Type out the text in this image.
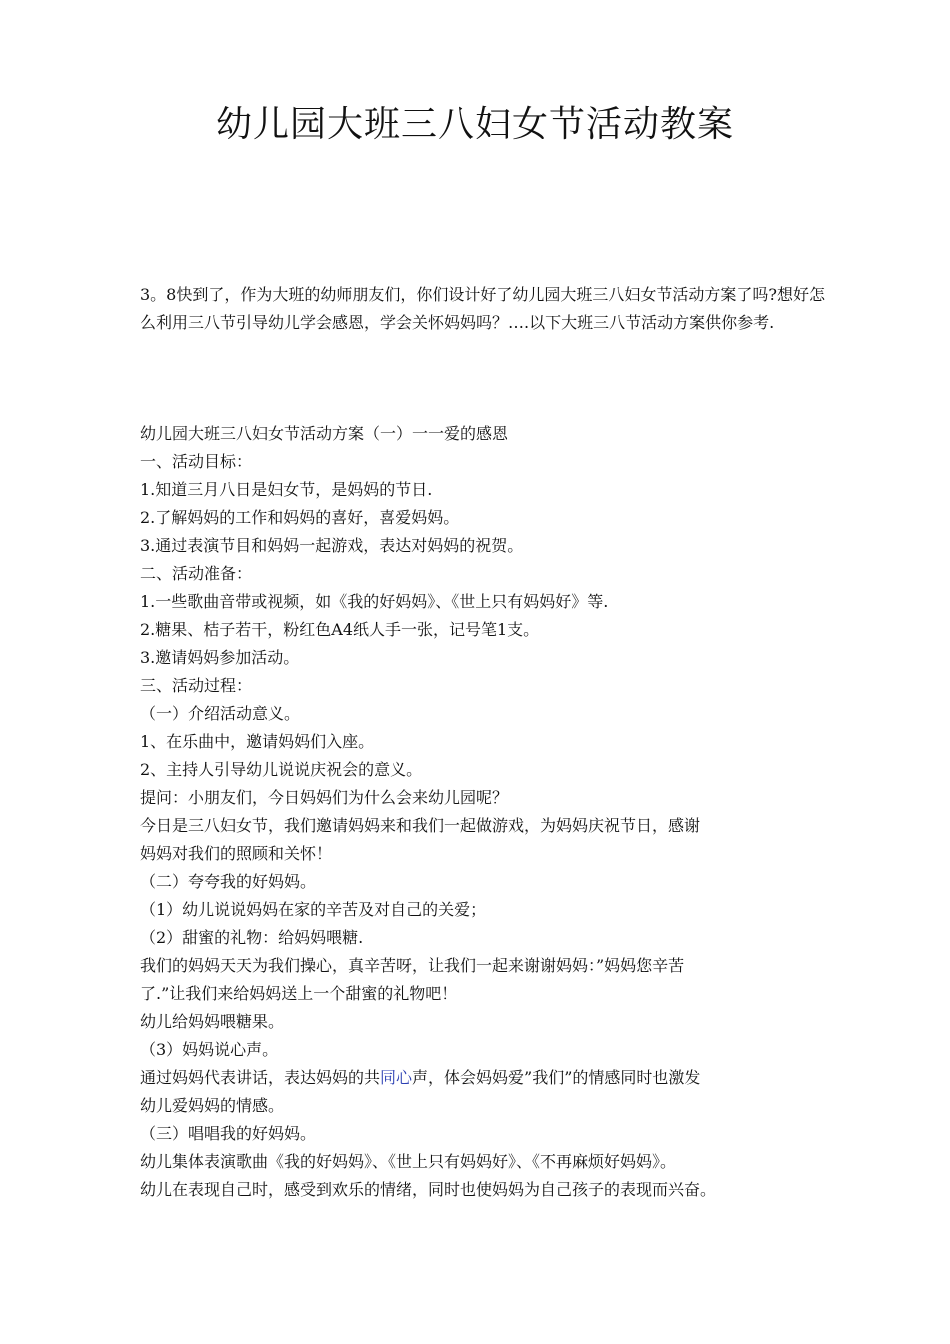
幼儿园大班三八妇女节活动教案

3。8快到了，作为大班的幼师朋友们，你们设计好了幼儿园大班三八妇女节活动方案了吗?想好怎么利用三八节引导幼儿学会感恩，学会关怀妈妈吗？….以下大班三八节活动方案供你参考.

幼儿园大班三八妇女节活动方案（一）一一爱的感恩
一、活动目标：
1.知道三月八日是妇女节，是妈妈的节日.
2.了解妈妈的工作和妈妈的喜好，喜爱妈妈。
3.通过表演节目和妈妈一起游戏，表达对妈妈的祝贺。
二、活动准备：
1.一些歌曲音带或视频，如《我的好妈妈》、《世上只有妈妈好》等.
2.糖果、桔子若干，粉红色A4纸人手一张，记号笔1支。
3.邀请妈妈参加活动。
三、活动过程：
（一）介绍活动意义。
1、在乐曲中，邀请妈妈们入座。
2、主持人引导幼儿说说庆祝会的意义。
提问：小朋友们，今日妈妈们为什么会来幼儿园呢？
今日是三八妇女节，我们邀请妈妈来和我们一起做游戏，为妈妈庆祝节日，感谢
妈妈对我们的照顾和关怀！
（二）夸夸我的好妈妈。
（1）幼儿说说妈妈在家的辛苦及对自己的关爱；
（2）甜蜜的礼物：给妈妈喂糖.
我们的妈妈天天为我们操心，真辛苦呀，让我们一起来谢谢妈妈：”妈妈您辛苦
了.”让我们来给妈妈送上一个甜蜜的礼物吧！
幼儿给妈妈喂糖果。
（3）妈妈说心声。
通过妈妈代表讲话，表达妈妈的共同心声，体会妈妈爱”我们”的情感同时也激发
幼儿爱妈妈的情感。
（三）唱唱我的好妈妈。
幼儿集体表演歌曲《我的好妈妈》、《世上只有妈妈好》、《不再麻烦好妈妈》。
幼儿在表现自己时，感受到欢乐的情绪，同时也使妈妈为自己孩子的表现而兴奋。
